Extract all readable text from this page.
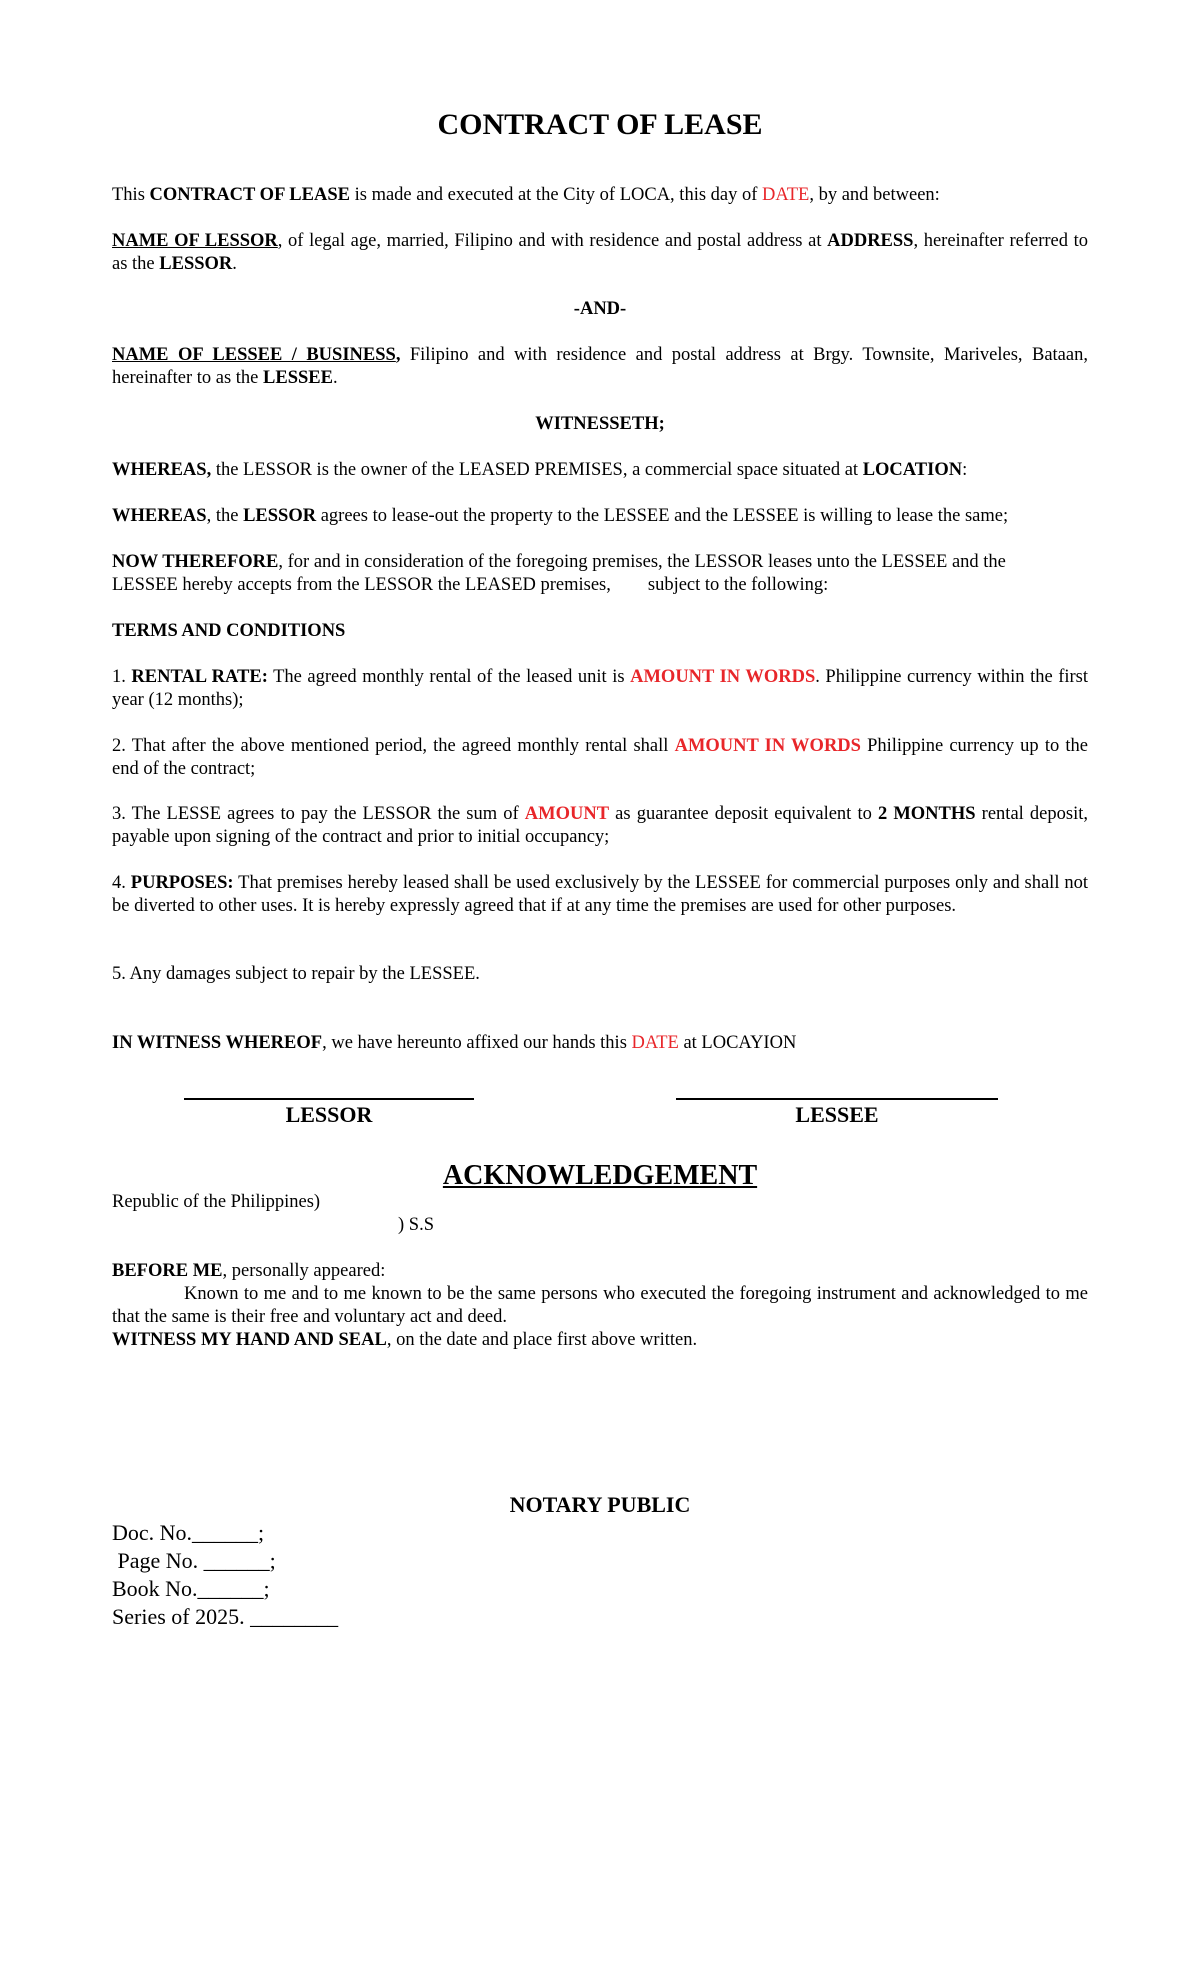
CONTRACT OF LEASE
This CONTRACT OF LEASE is made and executed at the City of LOCA, this day of DATE, by and between:
NAME OF LESSOR, of legal age, married, Filipino and with residence and postal address at ADDRESS, hereinafter referred to as the LESSOR.
-AND-
NAME OF LESSEE / BUSINESS, Filipino and with residence and postal address at Brgy. Townsite, Mariveles, Bataan, hereinafter to as the LESSEE.
WITNESSETH;
WHEREAS, the LESSOR is the owner of the LEASED PREMISES, a commercial space situated at LOCATION:
WHEREAS, the LESSOR agrees to lease-out the property to the LESSEE and the LESSEE is willing to lease the same;
NOW THEREFORE, for and in consideration of the foregoing premises, the LESSOR leases unto the LESSEE and the
LESSEE hereby accepts from the LESSOR the LEASED premises,        subject to the following:
TERMS AND CONDITIONS
1. RENTAL RATE: The agreed monthly rental of the leased unit is AMOUNT IN WORDS. Philippine currency within the first year (12 months);
2. That after the above mentioned period, the agreed monthly rental shall AMOUNT IN WORDS Philippine currency up to the end of the contract;
3. The LESSE agrees to pay the LESSOR the sum of AMOUNT as guarantee deposit equivalent to 2 MONTHS rental deposit, payable upon signing of the contract and prior to initial occupancy;
4. PURPOSES: That premises hereby leased shall be used exclusively by the LESSEE for commercial purposes only and shall not be diverted to other uses. It is hereby expressly agreed that if at any time the premises are used for other purposes.
5. Any damages subject to repair by the LESSEE.
IN WITNESS WHEREOF, we have hereunto affixed our hands this DATE at LOCAYION
LESSOR	LESSEE
ACKNOWLEDGEMENT
Republic of the Philippines)
) S.S
BEFORE ME, personally appeared:
Known to me and to me known to be the same persons who executed the foregoing instrument and acknowledged to me that the same is their free and voluntary act and deed.
WITNESS MY HAND AND SEAL, on the date and place first above written.
NOTARY PUBLIC
Doc. No.______;
Page No. ______;
Book No.______;
Series of 2025. ________
